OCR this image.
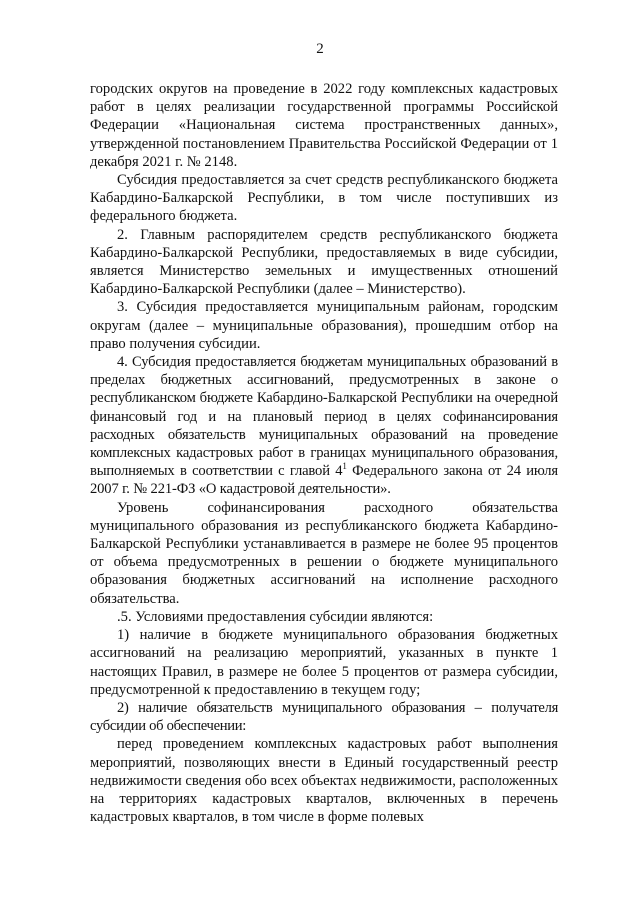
2

городских округов на проведение в 2022 году комплексных кадастровых работ в целях реализации государственной программы Российской Федерации «Национальная система пространственных данных», утвержденной постановлением Правительства Российской Федерации от 1 декабря 2021 г. № 2148.

Субсидия предоставляется за счет средств республиканского бюджета Кабардино-Балкарской Республики, в том числе поступивших из федерального бюджета.

2. Главным распорядителем средств республиканского бюджета Кабардино-Балкарской Республики, предоставляемых в виде субсидии, является Министерство земельных и имущественных отношений Кабардино-Балкарской Республики (далее – Министерство).

3. Субсидия предоставляется муниципальным районам, городским округам (далее – муниципальные образования), прошедшим отбор на право получения субсидии.

4. Субсидия предоставляется бюджетам муниципальных образований в пределах бюджетных ассигнований, предусмотренных в законе о республиканском бюджете Кабардино-Балкарской Республики на очередной финансовый год и на плановый период в целях софинансирования расходных обязательств муниципальных образований на проведение комплексных кадастровых работ в границах муниципального образования, выполняемых в соответствии с главой $4^1$ Федерального закона от 24 июля 2007 г. № 221-ФЗ «О кадастровой деятельности».

Уровень софинансирования расходного обязательства муниципального образования из республиканского бюджета Кабардино-Балкарской Республики устанавливается в размере не более 95 процентов от объема предусмотренных в решении о бюджете муниципального образования бюджетных ассигнований на исполнение расходного обязательства.

.5. Условиями предоставления субсидии являются:

1) наличие в бюджете муниципального образования бюджетных ассигнований на реализацию мероприятий, указанных в пункте 1 настоящих Правил, в размере не более 5 процентов от размера субсидии, предусмотренной к предоставлению в текущем году;

2) наличие обязательств муниципального образования – получателя субсидии об обеспечении:

перед проведением комплексных кадастровых работ выполнения мероприятий, позволяющих внести в Единый государственный реестр недвижимости сведения обо всех объектах недвижимости, расположенных на территориях кадастровых кварталов, включенных в перечень кадастровых кварталов, в том числе в форме полевых
